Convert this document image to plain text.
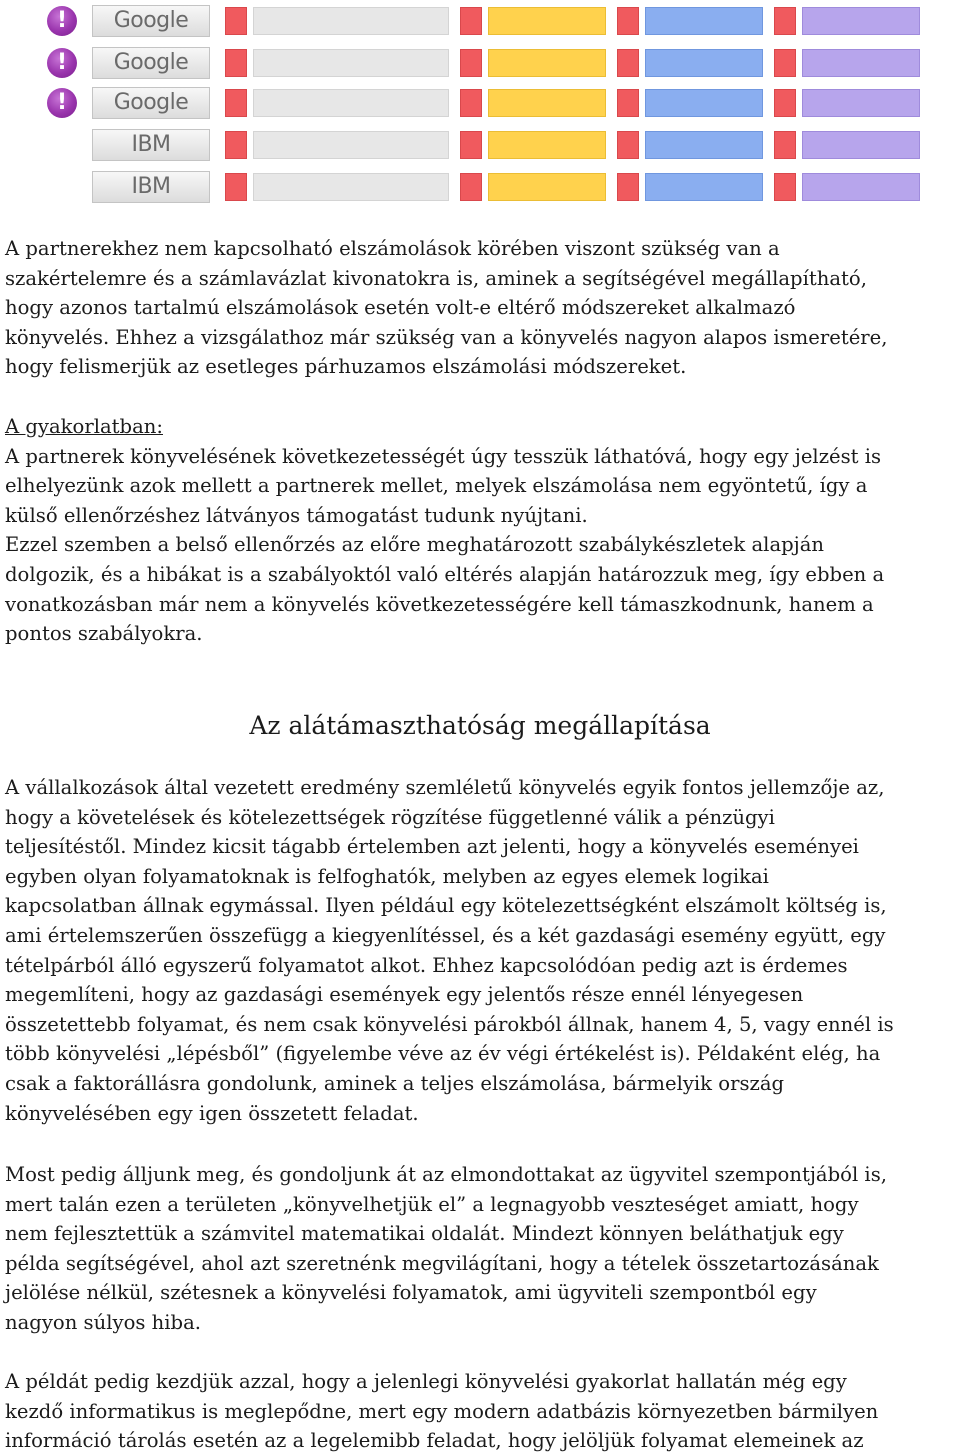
!	Google
!	Google
!	Google
IBM
IBM

A partnerekhez nem kapcsolható elszámolások körében viszont szükség van a
szakértelemre és a számlavázlat kivonatokra is, aminek a segítségével megállapítható,
hogy azonos tartalmú elszámolások esetén volt-e eltérő módszereket alkalmazó
könyvelés. Ehhez a vizsgálathoz már szükség van a könyvelés nagyon alapos ismeretére,
hogy felismerjük az esetleges párhuzamos elszámolási módszereket.

A gyakorlatban:
A partnerek könyvelésének következetességét úgy tesszük láthatóvá, hogy egy jelzést is
elhelyezünk azok mellett a partnerek mellet, melyek elszámolása nem egyöntetű, így a
külső ellenőrzéshez látványos támogatást tudunk nyújtani.
Ezzel szemben a belső ellenőrzés az előre meghatározott szabálykészletek alapján
dolgozik, és a hibákat is a szabályoktól való eltérés alapján határozzuk meg, így ebben a
vonatkozásban már nem a könyvelés következetességére kell támaszkodnunk, hanem a
pontos szabályokra.

Az alátámaszthatóság megállapítása

A vállalkozások által vezetett eredmény szemléletű könyvelés egyik fontos jellemzője az,
hogy a követelések és kötelezettségek rögzítése függetlenné válik a pénzügyi
teljesítéstől. Mindez kicsit tágabb értelemben azt jelenti, hogy a könyvelés eseményei
egyben olyan folyamatoknak is felfoghatók, melyben az egyes elemek logikai
kapcsolatban állnak egymással. Ilyen például egy kötelezettségként elszámolt költség is,
ami értelemszerűen összefügg a kiegyenlítéssel, és a két gazdasági esemény együtt, egy
tételpárból álló egyszerű folyamatot alkot. Ehhez kapcsolódóan pedig azt is érdemes
megemlíteni, hogy az gazdasági események egy jelentős része ennél lényegesen
összetettebb folyamat, és nem csak könyvelési párokból állnak, hanem 4, 5, vagy ennél is
több könyvelési „lépésből” (figyelembe véve az év végi értékelést is). Példaként elég, ha
csak a faktorállásra gondolunk, aminek a teljes elszámolása, bármelyik ország
könyvelésében egy igen összetett feladat.

Most pedig álljunk meg, és gondoljunk át az elmondottakat az ügyvitel szempontjából is,
mert talán ezen a területen „könyvelhetjük el” a legnagyobb veszteséget amiatt, hogy
nem fejlesztettük a számvitel matematikai oldalát. Mindezt könnyen beláthatjuk egy
példa segítségével, ahol azt szeretnénk megvilágítani, hogy a tételek összetartozásának
jelölése nélkül, szétesnek a könyvelési folyamatok, ami ügyviteli szempontból egy
nagyon súlyos hiba.

A példát pedig kezdjük azzal, hogy a jelenlegi könyvelési gyakorlat hallatán még egy
kezdő informatikus is meglepődne, mert egy modern adatbázis környezetben bármilyen
információ tárolás esetén az a legelemibb feladat, hogy jelöljük folyamat elemeinek az
